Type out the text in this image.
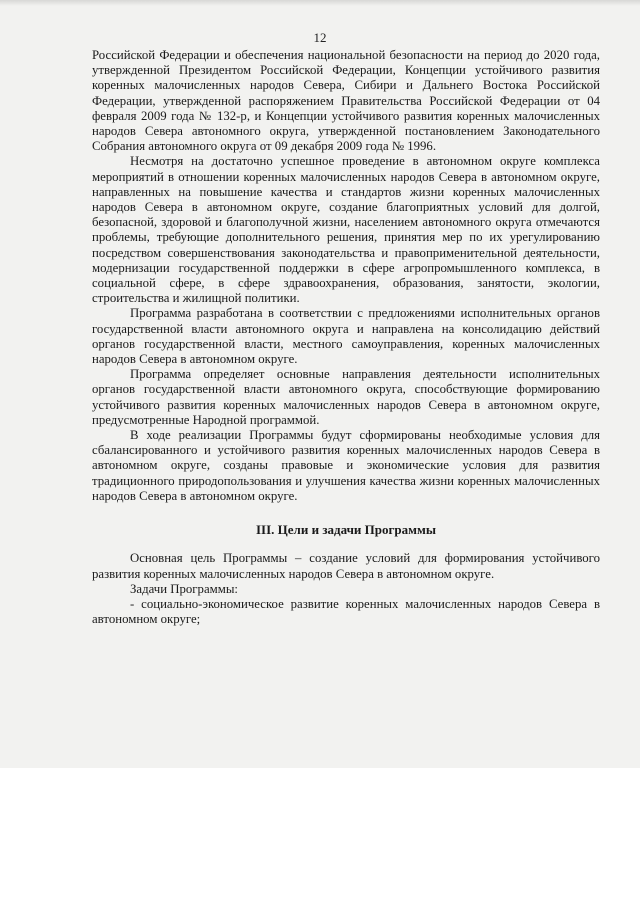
12

Российской Федерации и обеспечения национальной безопасности на период до 2020 года, утвержденной Президентом Российской Федерации, Концепции устойчивого развития коренных малочисленных народов Севера, Сибири и Дальнего Востока Российской Федерации, утвержденной распоряжением Правительства Российской Федерации от 04 февраля 2009 года № 132-р, и Концепции устойчивого развития коренных малочисленных народов Севера автономного округа, утвержденной постановлением Законодательного Собрания автономного округа от 09 декабря 2009 года № 1996.

Несмотря на достаточно успешное проведение в автономном округе комплекса мероприятий в отношении коренных малочисленных народов Севера в автономном округе, направленных на повышение качества и стандартов жизни коренных малочисленных народов Севера в автономном округе, создание благоприятных условий для долгой, безопасной, здоровой и благополучной жизни, населением автономного округа отмечаются проблемы, требующие дополнительного решения, принятия мер по их урегулированию посредством совершенствования законодательства и правоприменительной деятельности, модернизации государственной поддержки в сфере агропромышленного комплекса, в социальной сфере, в сфере здравоохранения, образования, занятости, экологии, строительства и жилищной политики.

Программа разработана в соответствии с предложениями исполнительных органов государственной власти автономного округа и направлена на консолидацию действий органов государственной власти, местного самоуправления, коренных малочисленных народов Севера в автономном округе.

Программа определяет основные направления деятельности исполнительных органов государственной власти автономного округа, способствующие формированию устойчивого развития коренных малочисленных народов Севера в автономном округе, предусмотренные Народной программой.

В ходе реализации Программы будут сформированы необходимые условия для сбалансированного и устойчивого развития коренных малочисленных народов Севера в автономном округе, созданы правовые и экономические условия для развития традиционного природопользования и улучшения качества жизни коренных малочисленных народов Севера в автономном округе.

III. Цели и задачи Программы

Основная цель Программы – создание условий для формирования устойчивого развития коренных малочисленных народов Севера в автономном округе.

Задачи Программы:

- социально-экономическое развитие коренных малочисленных народов Севера в автономном округе;
